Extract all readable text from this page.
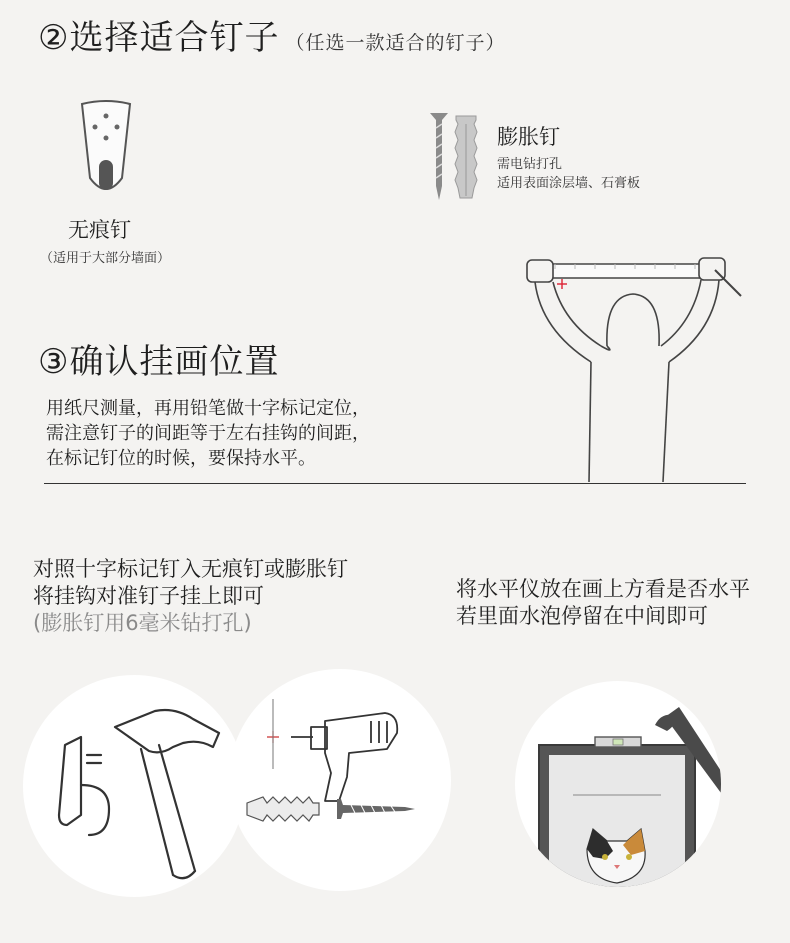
②选择适合钉子 （任选一款适合的钉子）
无痕钉
（适用于大部分墙面）
膨胀钉
需电钻打孔
适用表面涂层墙、石膏板
③确认挂画位置
用纸尺测量，再用铅笔做十字标记定位，
需注意钉子的间距等于左右挂钩的间距，
在标记钉位的时候，要保持水平。
对照十字标记钉入无痕钉或膨胀钉
将挂钩对准钉子挂上即可
(膨胀钉用6毫米钻打孔)
将水平仪放在画上方看是否水平
若里面水泡停留在中间即可
